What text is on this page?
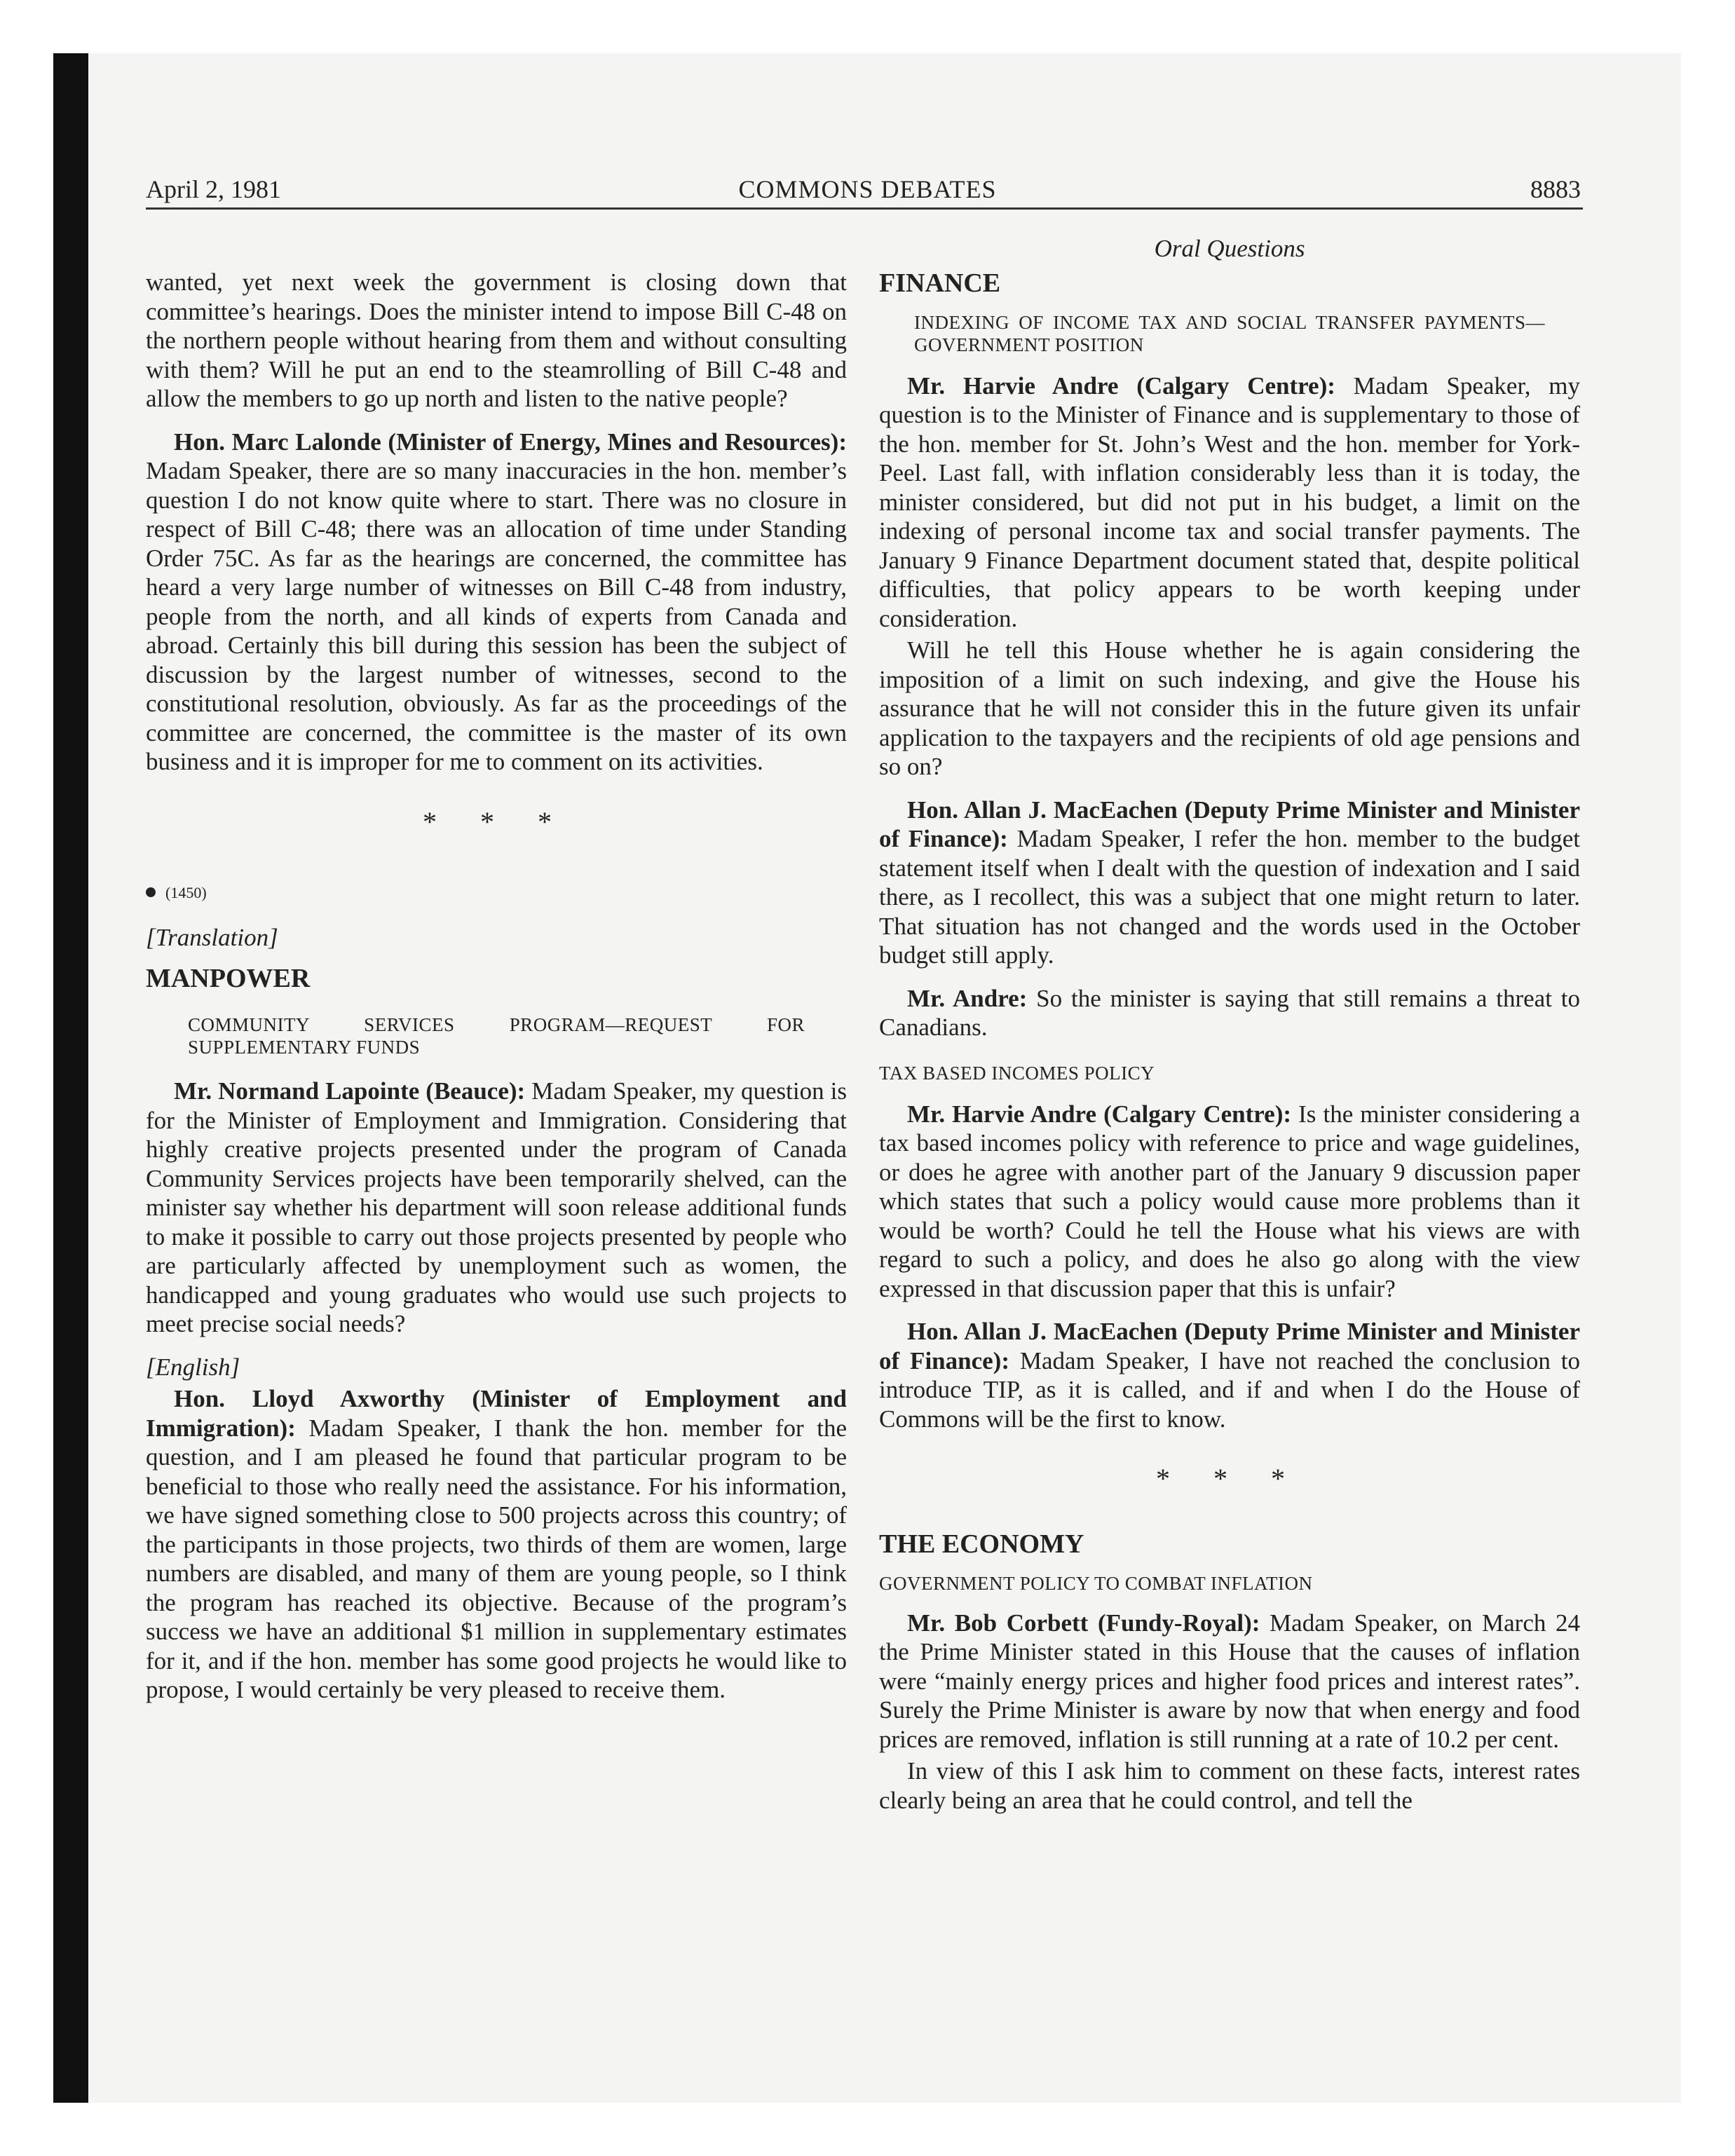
April 2, 1981	COMMONS DEBATES	8883

wanted, yet next week the government is closing down that committee’s hearings. Does the minister intend to impose Bill C-48 on the northern people without hearing from them and without consulting with them? Will he put an end to the steamrolling of Bill C-48 and allow the members to go up north and listen to the native people?

Hon. Marc Lalonde (Minister of Energy, Mines and Resources): Madam Speaker, there are so many inaccuracies in the hon. member’s question I do not know quite where to start. There was no closure in respect of Bill C-48; there was an allocation of time under Standing Order 75C. As far as the hearings are concerned, the committee has heard a very large number of witnesses on Bill C-48 from industry, people from the north, and all kinds of experts from Canada and abroad. Certainly this bill during this session has been the subject of discussion by the largest number of witnesses, second to the constitutional resolution, obviously. As far as the proceedings of the committee are concerned, the committee is the master of its own business and it is improper for me to comment on its activities.

* * *
(1450)

[Translation]

MANPOWER

COMMUNITY SERVICES PROGRAM—REQUEST FOR SUPPLEMENTARY FUNDS

Mr. Normand Lapointe (Beauce): Madam Speaker, my question is for the Minister of Employment and Immigration. Considering that highly creative projects presented under the program of Canada Community Services projects have been temporarily shelved, can the minister say whether his department will soon release additional funds to make it possible to carry out those projects presented by people who are particularly affected by unemployment such as women, the handicapped and young graduates who would use such projects to meet precise social needs?

[English]

Hon. Lloyd Axworthy (Minister of Employment and Immigration): Madam Speaker, I thank the hon. member for the question, and I am pleased he found that particular program to be beneficial to those who really need the assistance. For his information, we have signed something close to 500 projects across this country; of the participants in those projects, two thirds of them are women, large numbers are disabled, and many of them are young people, so I think the program has reached its objective. Because of the program’s success we have an additional $1 million in supplementary estimates for it, and if the hon. member has some good projects he would like to propose, I would certainly be very pleased to receive them.

Oral Questions

FINANCE

INDEXING OF INCOME TAX AND SOCIAL TRANSFER PAYMENTS—GOVERNMENT POSITION

Mr. Harvie Andre (Calgary Centre): Madam Speaker, my question is to the Minister of Finance and is supplementary to those of the hon. member for St. John’s West and the hon. member for York-Peel. Last fall, with inflation considerably less than it is today, the minister considered, but did not put in his budget, a limit on the indexing of personal income tax and social transfer payments. The January 9 Finance Department document stated that, despite political difficulties, that policy appears to be worth keeping under consideration.

Will he tell this House whether he is again considering the imposition of a limit on such indexing, and give the House his assurance that he will not consider this in the future given its unfair application to the taxpayers and the recipients of old age pensions and so on?

Hon. Allan J. MacEachen (Deputy Prime Minister and Minister of Finance): Madam Speaker, I refer the hon. member to the budget statement itself when I dealt with the question of indexation and I said there, as I recollect, this was a subject that one might return to later. That situation has not changed and the words used in the October budget still apply.

Mr. Andre: So the minister is saying that still remains a threat to Canadians.

TAX BASED INCOMES POLICY

Mr. Harvie Andre (Calgary Centre): Is the minister considering a tax based incomes policy with reference to price and wage guidelines, or does he agree with another part of the January 9 discussion paper which states that such a policy would cause more problems than it would be worth? Could he tell the House what his views are with regard to such a policy, and does he also go along with the view expressed in that discussion paper that this is unfair?

Hon. Allan J. MacEachen (Deputy Prime Minister and Minister of Finance): Madam Speaker, I have not reached the conclusion to introduce TIP, as it is called, and if and when I do the House of Commons will be the first to know.

* * *

THE ECONOMY

GOVERNMENT POLICY TO COMBAT INFLATION

Mr. Bob Corbett (Fundy-Royal): Madam Speaker, on March 24 the Prime Minister stated in this House that the causes of inflation were “mainly energy prices and higher food prices and interest rates”. Surely the Prime Minister is aware by now that when energy and food prices are removed, inflation is still running at a rate of 10.2 per cent.

In view of this I ask him to comment on these facts, interest rates clearly being an area that he could control, and tell the
